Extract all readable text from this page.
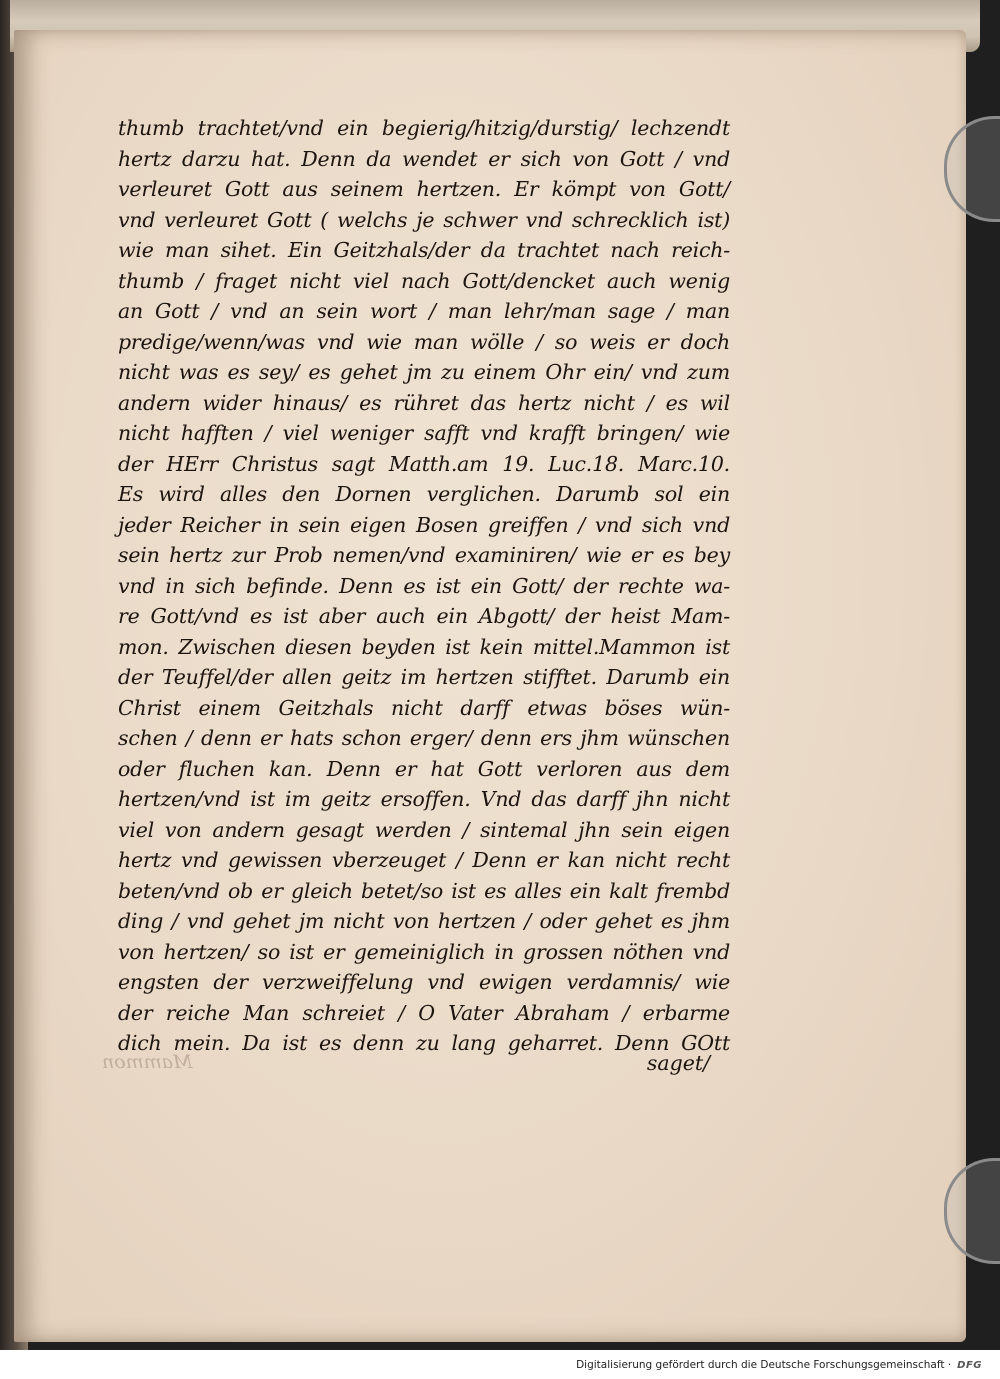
thumb trachtet/vnd ein begierig/hitzig/durstig/ lechzendt
hertz darzu hat. Denn da wendet er sich von Gott / vnd
verleuret Gott aus seinem hertzen. Er kömpt von Gott/
vnd verleuret Gott ( welchs je schwer vnd schrecklich ist)
wie man sihet. Ein Geitzhals/der da trachtet nach reich-
thumb / fraget nicht viel nach Gott/dencket auch wenig
an Gott / vnd an sein wort / man lehr/man sage / man
predige/wenn/was vnd wie man wölle / so weis er doch
nicht was es sey/ es gehet jm zu einem Ohr ein/ vnd zum
andern wider hinaus/ es rühret das hertz nicht / es wil
nicht hafften / viel weniger safft vnd krafft bringen/ wie
der HErr Christus sagt Matth.am 19. Luc.18. Marc.10.
Es wird alles den Dornen verglichen. Darumb sol ein
jeder Reicher in sein eigen Bosen greiffen / vnd sich vnd
sein hertz zur Prob nemen/vnd examiniren/ wie er es bey
vnd in sich befinde. Denn es ist ein Gott/ der rechte wa-
re Gott/vnd es ist aber auch ein Abgott/ der heist Mam-
mon. Zwischen diesen beyden ist kein mittel.Mammon ist
der Teuffel/der allen geitz im hertzen stifftet. Darumb ein
Christ einem Geitzhals nicht darff etwas böses wün-
schen / denn er hats schon erger/ denn ers jhm wünschen
oder fluchen kan. Denn er hat Gott verloren aus dem
hertzen/vnd ist im geitz ersoffen. Vnd das darff jhn nicht
viel von andern gesagt werden / sintemal jhn sein eigen
hertz vnd gewissen vberzeuget / Denn er kan nicht recht
beten/vnd ob er gleich betet/so ist es alles ein kalt frembd
ding / vnd gehet jm nicht von hertzen / oder gehet es jhm
von hertzen/ so ist er gemeiniglich in grossen nöthen vnd
engsten der verzweiffelung vnd ewigen verdamnis/ wie
der reiche Man schreiet / O Vater Abraham / erbarme
dich mein. Da ist es denn zu lang geharret. Denn GOtt
Mammon	saget/
Digitalisierung gefördert durch die Deutsche Forschungsgemeinschaft · DFG
